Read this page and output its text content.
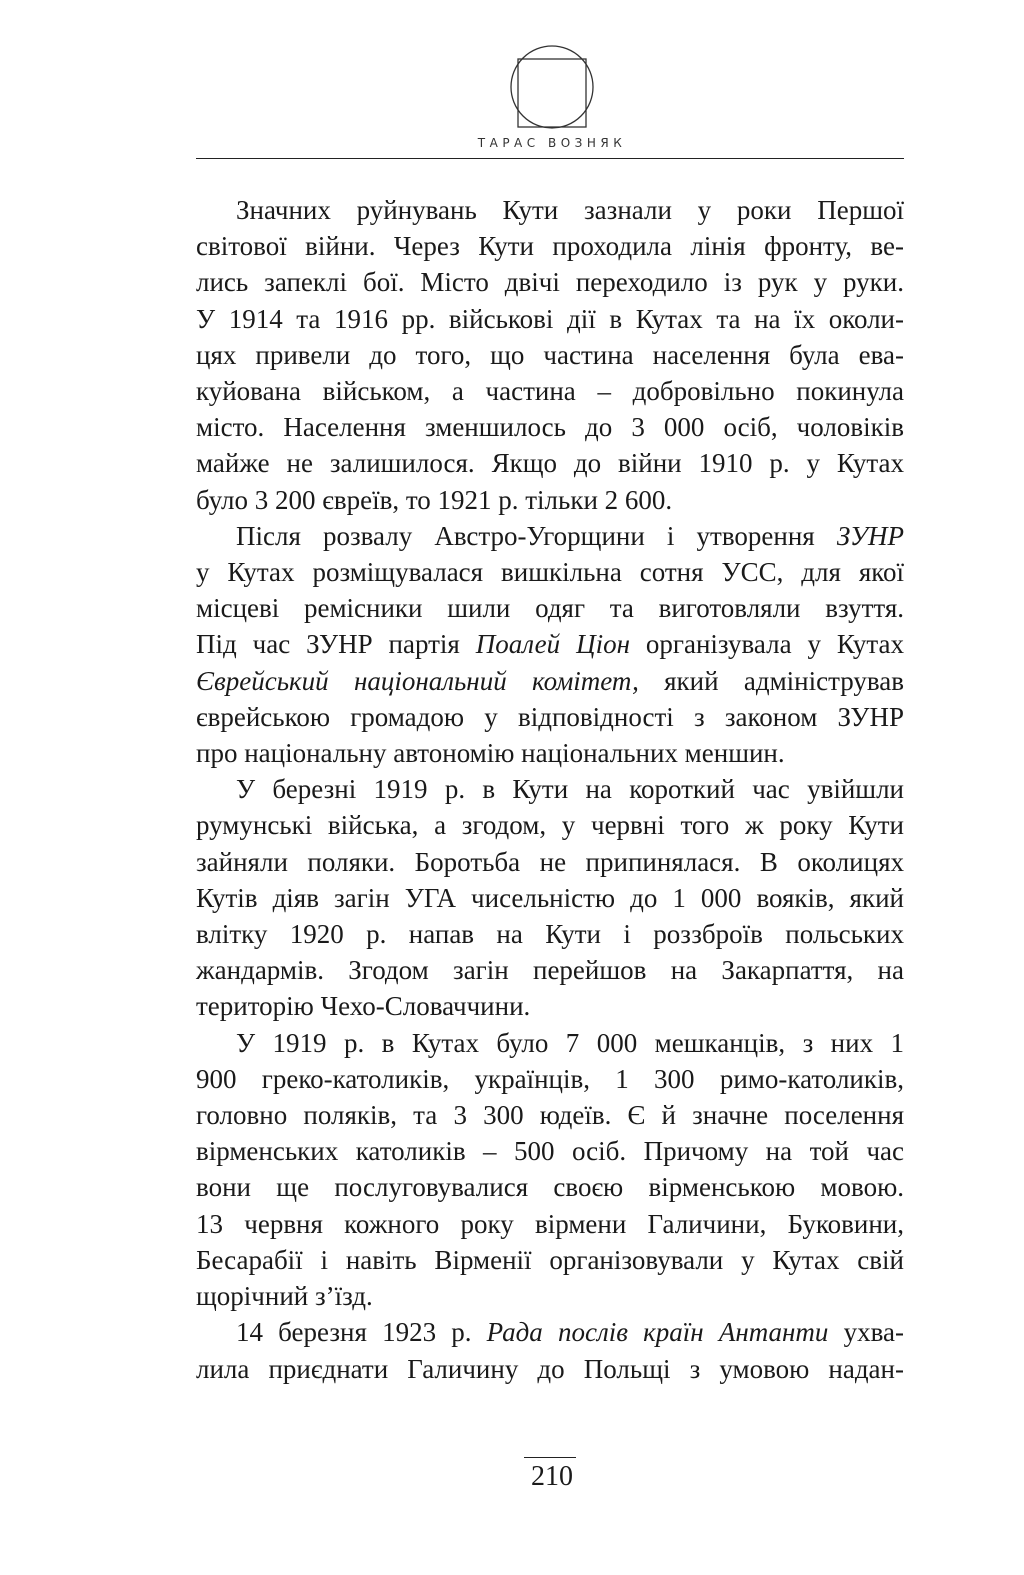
ТАРАС ВОЗНЯК

Значних руйнувань Кути зазнали у роки Першої
світової війни. Через Кути проходила лінія фронту, ве-
лись запеклі бої. Місто двічі переходило із рук у руки.
У 1914 та 1916 рр. військові дії в Кутах та на їх околи-
цях привели до того, що частина населення була ева-
куйована військом, а частина – добровільно покинула
місто. Населення зменшилось до 3 000 осіб, чоловіків
майже не залишилося. Якщо до війни 1910 р. у Кутах
було 3 200 євреїв, то 1921 р. тільки 2 600.

Після розвалу Австро-Угорщини і утворення ЗУНР
у Кутах розміщувалася вишкільна сотня УСС, для якої
місцеві ремісники шили одяг та виготовляли взуття.
Під час ЗУНР партія Поалей Ціон організувала у Кутах
Єврейський національний комітет, який адміністрував
єврейською громадою у відповідності з законом ЗУНР
про національну автономію національних меншин.

У березні 1919 р. в Кути на короткий час увійшли
румунські війська, а згодом, у червні того ж року Кути
зайняли поляки. Боротьба не припинялася. В околицях
Кутів діяв загін УГА чисельністю до 1 000 вояків, який
влітку 1920 р. напав на Кути і роззброїв польських
жандармів. Згодом загін перейшов на Закарпаття, на
територію Чехо-Словаччини.

У 1919 р. в Кутах було 7 000 мешканців, з них 1
900 греко-католиків, українців, 1 300 римо-католиків,
головно поляків, та 3 300 юдеїв. Є й значне поселення
вірменських католиків – 500 осіб. Причому на той час
вони ще послуговувалися своєю вірменською мовою.
13 червня кожного року вірмени Галичини, Буковини,
Бесарабії і навіть Вірменії організовували у Кутах свій
щорічний з’їзд.

14 березня 1923 р. Рада послів країн Антанти ухва-
лила приєднати Галичину до Польщі з умовою надан-

210
